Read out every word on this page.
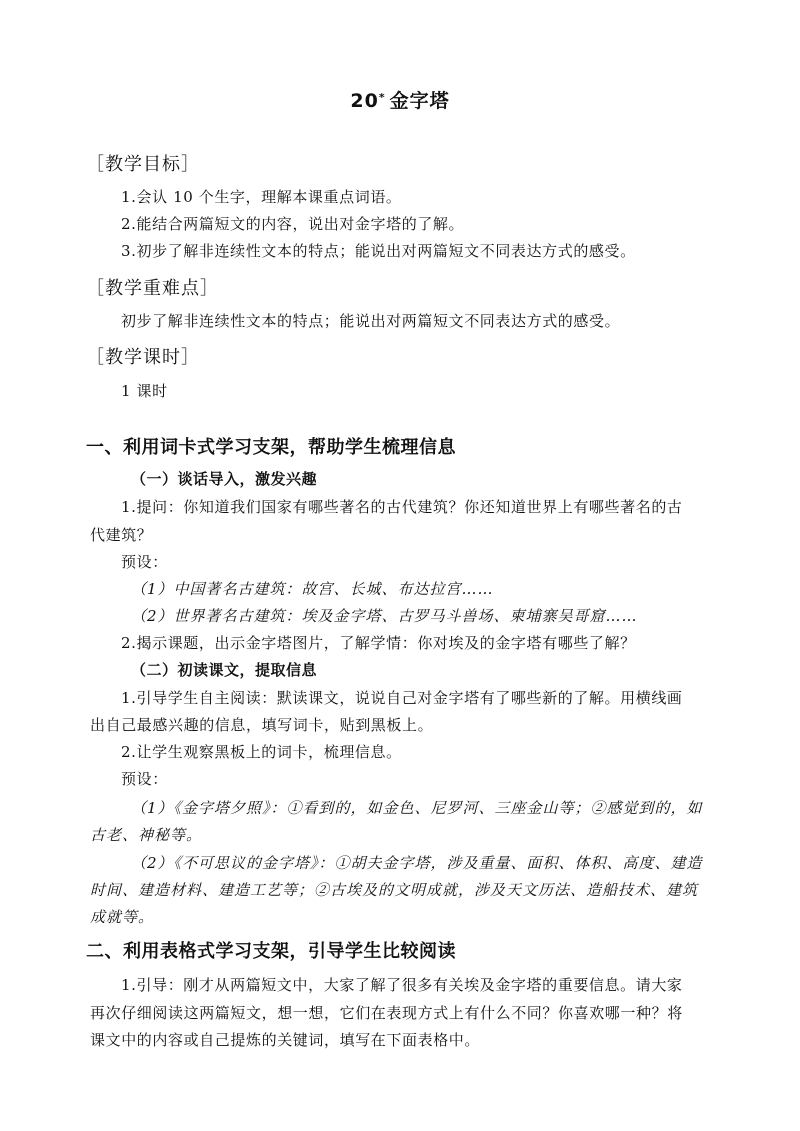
20* 金字塔
［教学目标］
1.会认 10 个生字，理解本课重点词语。
2.能结合两篇短文的内容，说出对金字塔的了解。
3.初步了解非连续性文本的特点；能说出对两篇短文不同表达方式的感受。
［教学重难点］
初步了解非连续性文本的特点；能说出对两篇短文不同表达方式的感受。
［教学课时］
1 课时
一、利用词卡式学习支架，帮助学生梳理信息
（一）谈话导入，激发兴趣
1.提问：你知道我们国家有哪些著名的古代建筑？你还知道世界上有哪些著名的古
代建筑？
预设：
（1）中国著名古建筑：故宫、长城、布达拉宫……
（2）世界著名古建筑：埃及金字塔、古罗马斗兽场、柬埔寨吴哥窟……
2.揭示课题，出示金字塔图片，了解学情：你对埃及的金字塔有哪些了解？
（二）初读课文，提取信息
1.引导学生自主阅读：默读课文，说说自己对金字塔有了哪些新的了解。用横线画
出自己最感兴趣的信息，填写词卡，贴到黑板上。
2.让学生观察黑板上的词卡，梳理信息。
预设：
（1）《金字塔夕照》：①看到的，如金色、尼罗河、三座金山等；②感觉到的，如
古老、神秘等。
（2）《不可思议的金字塔》：①胡夫金字塔，涉及重量、面积、体积、高度、建造
时间、建造材料、建造工艺等；②古埃及的文明成就，涉及天文历法、造船技术、建筑
成就等。
二、利用表格式学习支架，引导学生比较阅读
1.引导：刚才从两篇短文中，大家了解了很多有关埃及金字塔的重要信息。请大家
再次仔细阅读这两篇短文，想一想，它们在表现方式上有什么不同？你喜欢哪一种？将
课文中的内容或自己提炼的关键词，填写在下面表格中。
